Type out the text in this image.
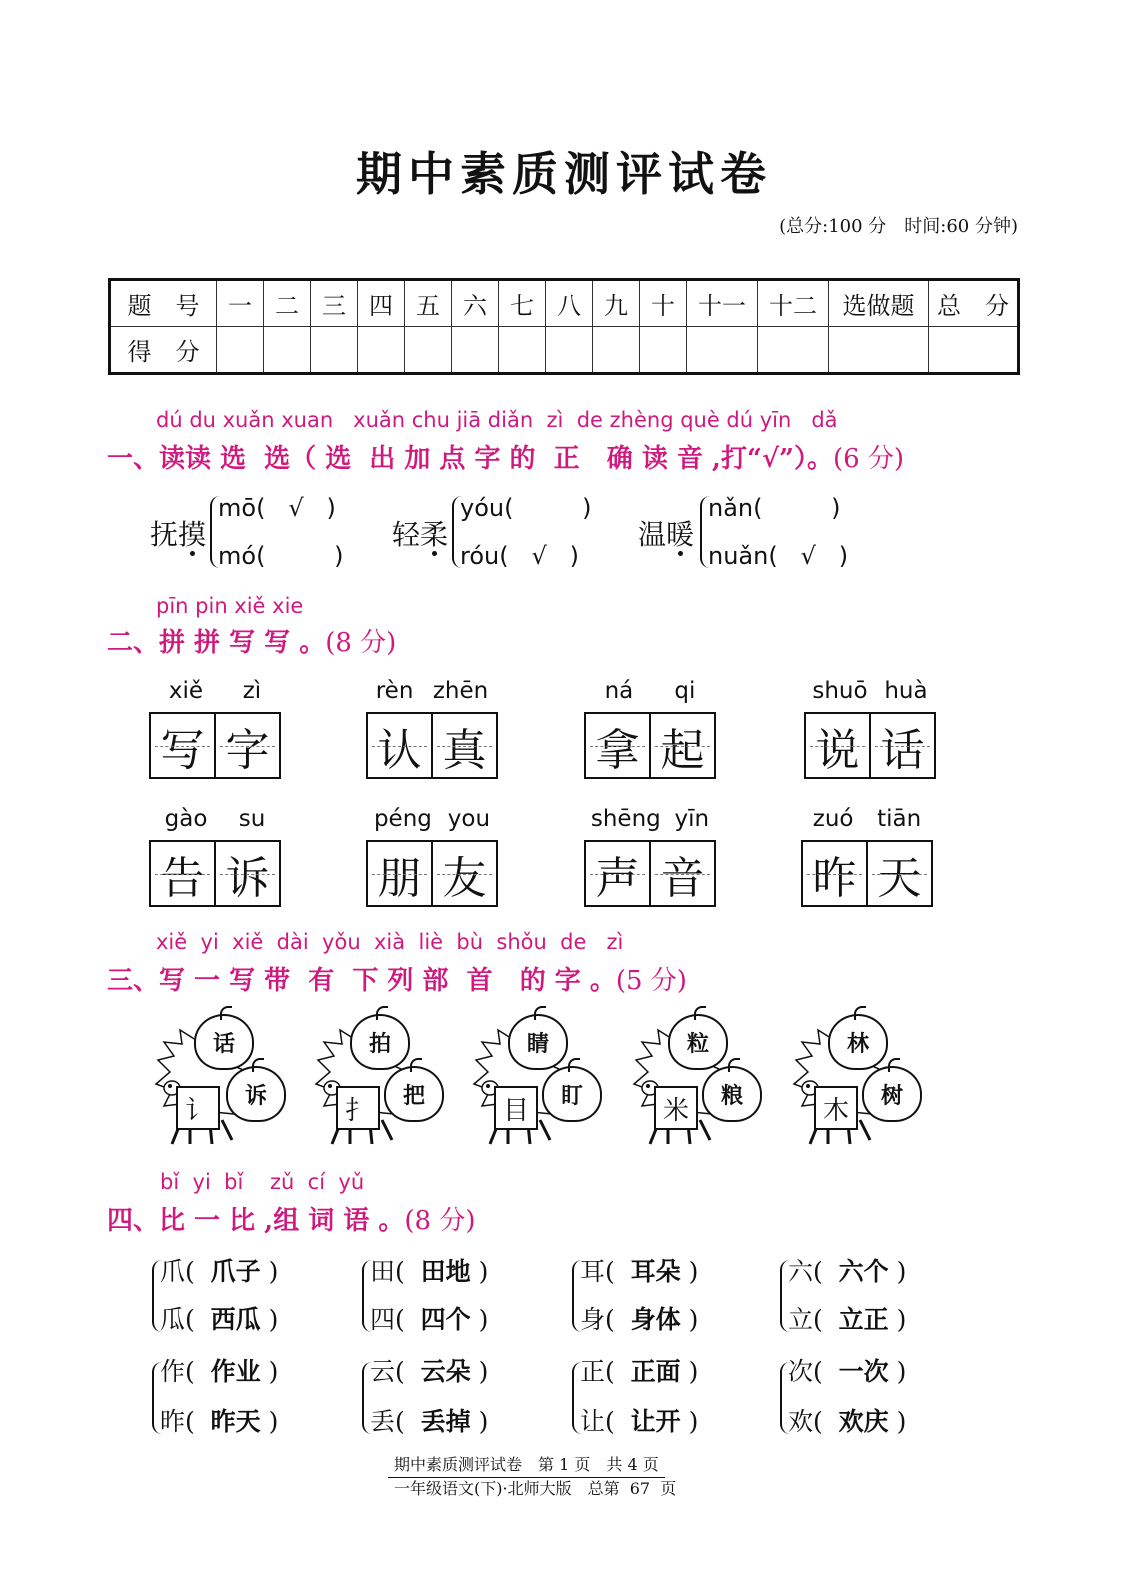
期中素质测评试卷
(总分:100 分　时间:60 分钟)
题　号	一	二	三	四	五	六	七	八	九	十	十一	十二	选做题	总　分
得　分														
dú du xuǎn xuan   xuǎn chu jiā diǎn  zì  de zhèng què dú yīn   dǎ
一、读读 选  选（ 选  出 加 点 字 的  正   确 读 音 ,打“√”）。(6 分)
抚摸
mō(   √   )
mó(         )
轻柔
yóu(         )
róu(   √   )
温暖
nǎn(         )
nuǎn(   √   )
pīn pin xiě xie
二、拼 拼 写 写 。(8 分)
xiě zì
写 字
rèn zhēn
认 真
ná qi
拿 起
shuō huà
说 话
gào su
告 诉
péng you
朋 友
shēng yīn
声 音
zuó tiān
昨 天
xiě  yi  xiě  dài  yǒu  xià  liè  bù  shǒu  de   zì
三、写 一 写 带  有  下 列 部  首   的 字 。(5 分)
话
诉
讠
拍
把
扌
睛
盯
目
粒
粮
米
林
树
木
bǐ  yi  bǐ    zǔ  cí  yǔ
四、比 一 比 ,组 词 语 。(8 分)
爪( 爪子 )
瓜( 西瓜 )
田( 田地 )
四( 四个 )
耳( 耳朵 )
身( 身体 )
六( 六个 )
立( 立正 )
作( 作业 )
昨( 昨天 )
云( 云朵 )
丢( 丢掉 )
正( 正面 )
让( 让开 )
次( 一次 )
欢( 欢庆 )
期中素质测评试卷　第 1 页　共 4 页
一年级语文(下)·北师大版　总第  67  页
